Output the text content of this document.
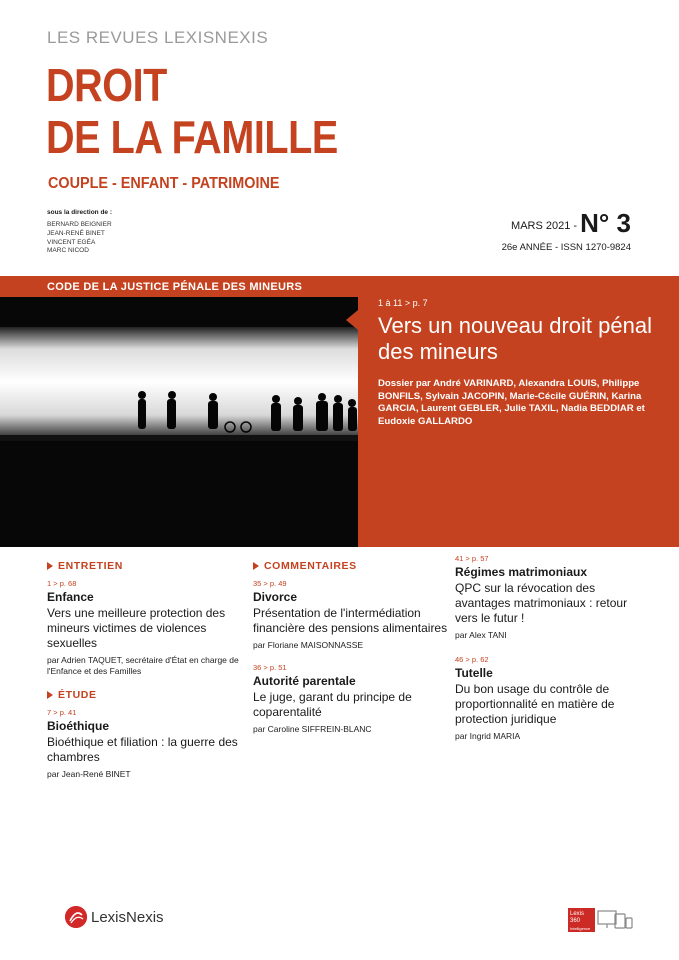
LES REVUES LEXISNEXIS
DROIT
DE LA FAMILLE
COUPLE - ENFANT - PATRIMOINE
sous la direction de :
BERNARD BEIGNIER
JEAN-RENÉ BINET
VINCENT EGÉA
MARC NICOD
MARS 2021 - N° 3
26e ANNÉE - ISSN 1270-9824
CODE DE LA JUSTICE PÉNALE DES MINEURS
1 à 11 > p. 7
Vers un nouveau droit pénal des mineurs
Dossier par André VARINARD, Alexandra LOUIS, Philippe BONFILS, Sylvain JACOPIN, Marie-Cécile GUÉRIN, Karina GARCIA, Laurent GEBLER, Julie TAXIL, Nadia BEDDIAR et Eudoxie GALLARDO
ENTRETIEN
1 > p. 68
Enfance
Vers une meilleure protection des mineurs victimes de violences sexuelles
par Adrien TAQUET, secrétaire d'État en charge de l'Enfance et des Familles
ÉTUDE
7 > p. 41
Bioéthique
Bioéthique et filiation : la guerre des chambres
par Jean-René BINET
COMMENTAIRES
35 > p. 49
Divorce
Présentation de l'intermédiation financière des pensions alimentaires
par Floriane MAISONNASSE
36 > p. 51
Autorité parentale
Le juge, garant du principe de coparentalité
par Caroline SIFFREIN-BLANC
41 > p. 57
Régimes matrimoniaux
QPC sur la révocation des avantages matrimoniaux : retour vers le futur !
par Alex TANI
46 > p. 62
Tutelle
Du bon usage du contrôle de proportionnalité en matière de protection juridique
par Ingrid MARIA
LexisNexis	Lexis
360
Intelligence
